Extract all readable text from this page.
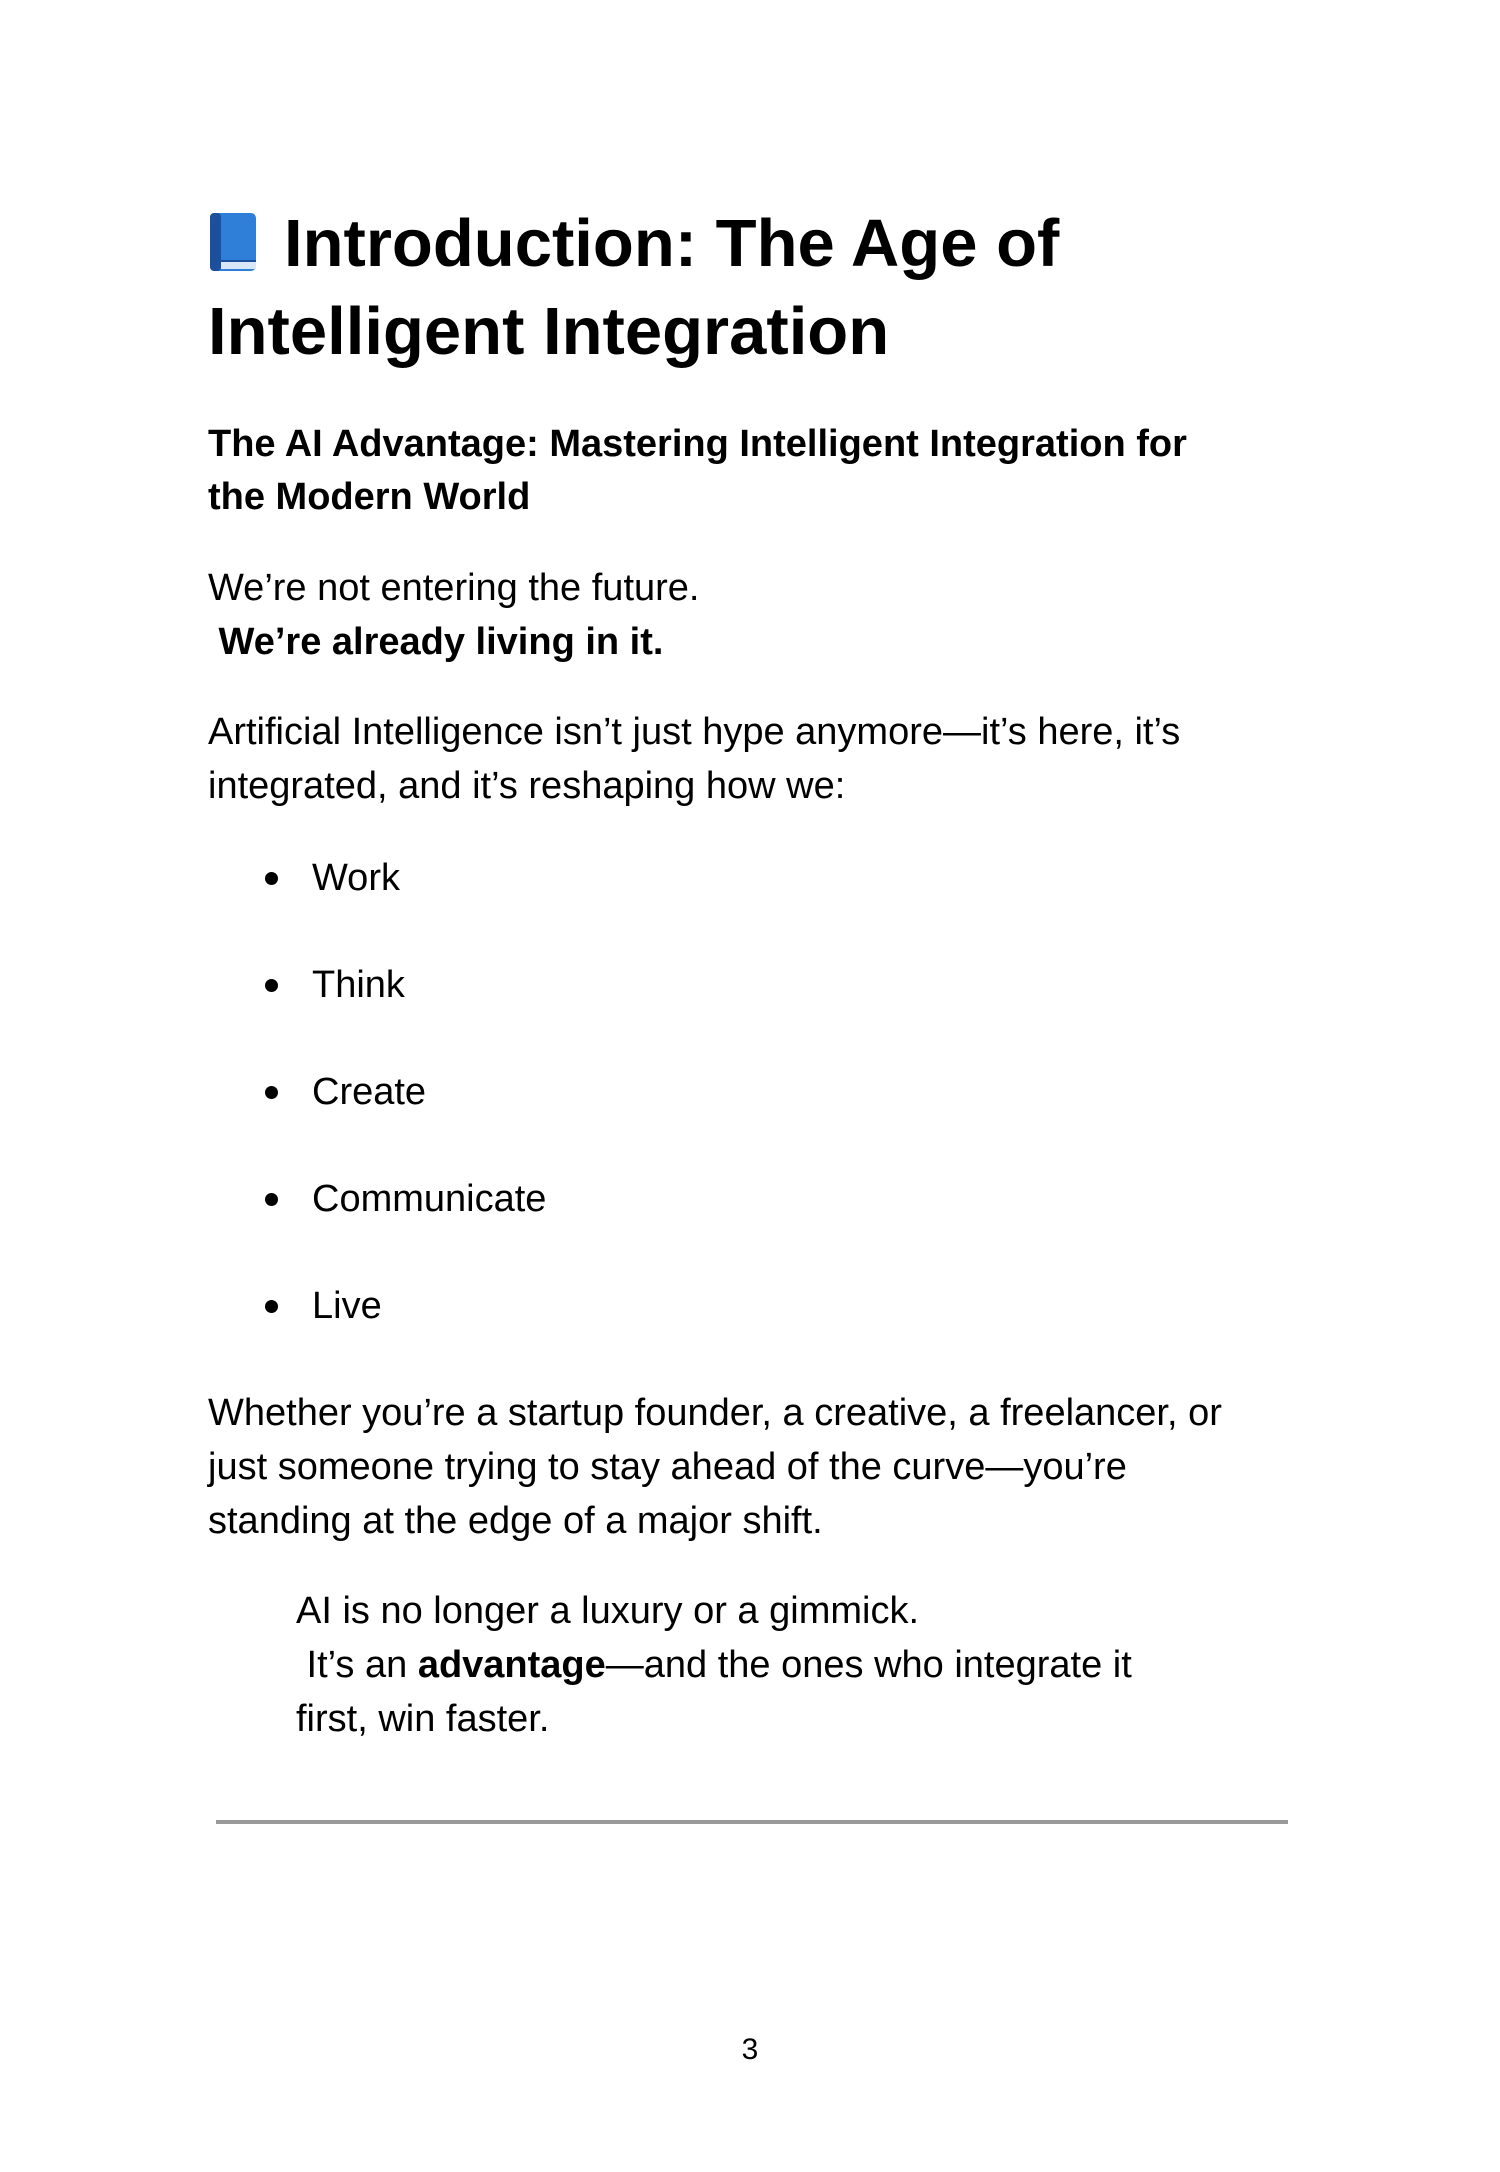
Introduction: The Age of
Intelligent Integration

The AI Advantage: Mastering Intelligent Integration for
the Modern World

We’re not entering the future.
We’re already living in it.

Artificial Intelligence isn’t just hype anymore—it’s here, it’s
integrated, and it’s reshaping how we:

Work
Think
Create
Communicate
Live

Whether you’re a startup founder, a creative, a freelancer, or
just someone trying to stay ahead of the curve—you’re
standing at the edge of a major shift.

AI is no longer a luxury or a gimmick.
It’s an advantage—and the ones who integrate it
first, win faster.

3
